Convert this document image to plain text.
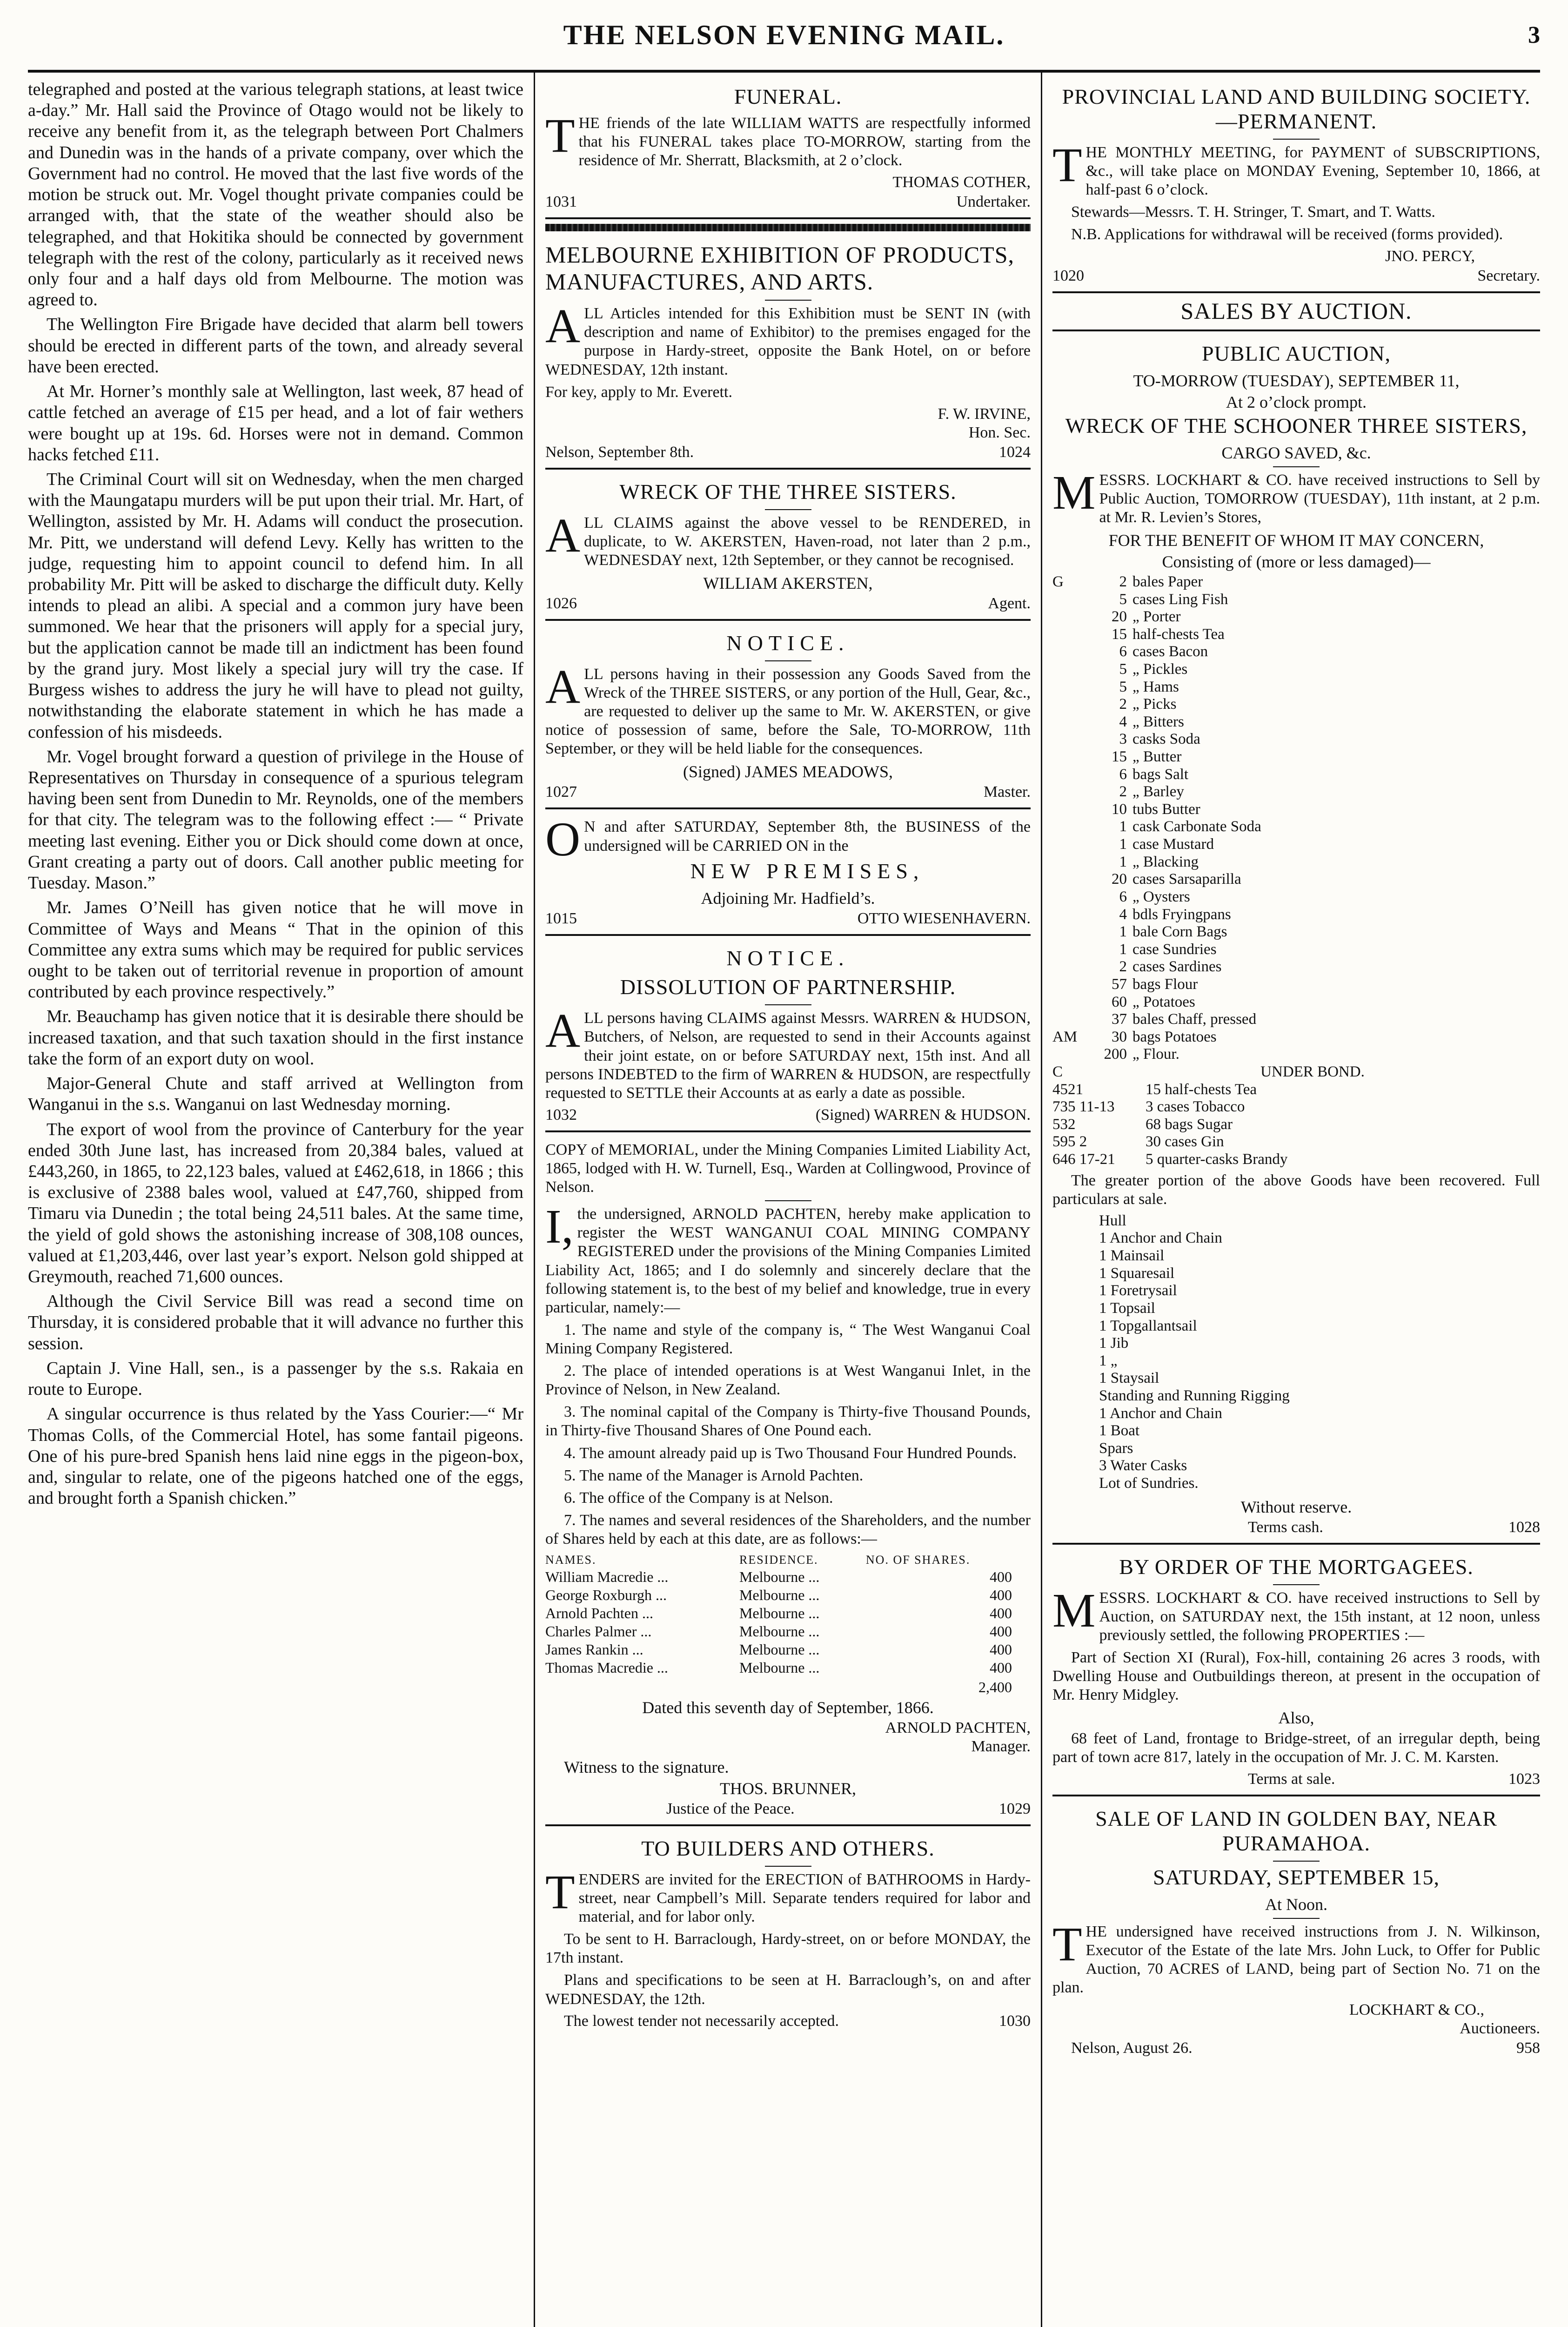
THE NELSON EVENING MAIL.	3

telegraphed and posted at the various telegraph stations, at least twice a-day.” Mr. Hall said the Province of Otago would not be likely to receive any benefit from it, as the telegraph between Port Chalmers and Dunedin was in the hands of a private company, over which the Government had no control. He moved that the last five words of the motion be struck out. Mr. Vogel thought private companies could be arranged with, that the state of the weather should also be telegraphed, and that Hokitika should be connected by government telegraph with the rest of the colony, particularly as it received news only four and a half days old from Melbourne. The motion was agreed to.

The Wellington Fire Brigade have decided that alarm bell towers should be erected in different parts of the town, and already several have been erected.

At Mr. Horner’s monthly sale at Wellington, last week, 87 head of cattle fetched an average of £15 per head, and a lot of fair wethers were bought up at 19s. 6d. Horses were not in demand. Common hacks fetched £11.

The Criminal Court will sit on Wednesday, when the men charged with the Maungatapu murders will be put upon their trial. Mr. Hart, of Wellington, assisted by Mr. H. Adams will conduct the prosecution. Mr. Pitt, we understand will defend Levy. Kelly has written to the judge, requesting him to appoint council to defend him. In all probability Mr. Pitt will be asked to discharge the difficult duty. Kelly intends to plead an alibi. A special and a common jury have been summoned. We hear that the prisoners will apply for a special jury, but the application cannot be made till an indictment has been found by the grand jury. Most likely a special jury will try the case. If Burgess wishes to address the jury he will have to plead not guilty, notwithstanding the elaborate statement in which he has made a confession of his misdeeds.

Mr. Vogel brought forward a question of privilege in the House of Representatives on Thursday in consequence of a spurious telegram having been sent from Dunedin to Mr. Reynolds, one of the members for that city. The telegram was to the following effect :— “ Private meeting last evening. Either you or Dick should come down at once, Grant creating a party out of doors. Call another public meeting for Tuesday. Mason.”

Mr. James O’Neill has given notice that he will move in Committee of Ways and Means “ That in the opinion of this Committee any extra sums which may be required for public services ought to be taken out of territorial revenue in proportion of amount contributed by each province respectively.”

Mr. Beauchamp has given notice that it is desirable there should be increased taxation, and that such taxation should in the first instance take the form of an export duty on wool.

Major-General Chute and staff arrived at Wellington from Wanganui in the s.s. Wanganui on last Wednesday morning.

The export of wool from the province of Canterbury for the year ended 30th June last, has increased from 20,384 bales, valued at £443,260, in 1865, to 22,123 bales, valued at £462,618, in 1866 ; this is exclusive of 2388 bales wool, valued at £47,760, shipped from Timaru via Dunedin ; the total being 24,511 bales. At the same time, the yield of gold shows the astonishing increase of 308,108 ounces, valued at £1,203,446, over last year’s export. Nelson gold shipped at Greymouth, reached 71,600 ounces.

Although the Civil Service Bill was read a second time on Thursday, it is considered probable that it will advance no further this session.

Captain J. Vine Hall, sen., is a passenger by the s.s. Rakaia en route to Europe.

A singular occurrence is thus related by the Yass Courier:—“ Mr Thomas Colls, of the Commercial Hotel, has some fantail pigeons. One of his pure-bred Spanish hens laid nine eggs in the pigeon-box, and, singular to relate, one of the pigeons hatched one of the eggs, and brought forth a Spanish chicken.”

FUNERAL.

THE friends of the late WILLIAM WATTS are respectfully informed that his FUNERAL takes place TO-MORROW, starting from the residence of Mr. Sherratt, Blacksmith, at 2 o’clock.

THOMAS COTHER,
1031	Undertaker.
MELBOURNE EXHIBITION OF PRODUCTS, MANUFACTURES, AND ARTS.

ALL Articles intended for this Exhibition must be SENT IN (with description and name of Exhibitor) to the premises engaged for the purpose in Hardy-street, opposite the Bank Hotel, on or before WEDNESDAY, 12th instant.

For key, apply to Mr. Everett.

F. W. IRVINE,
Hon. Sec.
Nelson, September 8th.	1024
WRECK OF THE THREE SISTERS.

ALL CLAIMS against the above vessel to be RENDERED, in duplicate, to W. AKERSTEN, Haven-road, not later than 2 p.m., WEDNESDAY next, 12th September, or they cannot be recognised.

WILLIAM AKERSTEN,
1026	Agent.
NOTICE.

ALL persons having in their possession any Goods Saved from the Wreck of the THREE SISTERS, or any portion of the Hull, Gear, &c., are requested to deliver up the same to Mr. W. AKERSTEN, or give notice of possession of same, before the Sale, TO-MORROW, 11th September, or they will be held liable for the consequences.

(Signed) JAMES MEADOWS,
1027	Master.

ON and after SATURDAY, September 8th, the BUSINESS of the undersigned will be CARRIED ON in the

NEW PREMISES,
Adjoining Mr. Hadfield’s.
1015	OTTO WIESENHAVERN.
NOTICE.
DISSOLUTION OF PARTNERSHIP.

ALL persons having CLAIMS against Messrs. WARREN & HUDSON, Butchers, of Nelson, are requested to send in their Accounts against their joint estate, on or before SATURDAY next, 15th inst. And all persons INDEBTED to the firm of WARREN & HUDSON, are respectfully requested to SETTLE their Accounts at as early a date as possible.

1032	(Signed) WARREN & HUDSON.

COPY of MEMORIAL, under the Mining Companies Limited Liability Act, 1865, lodged with H. W. Turnell, Esq., Warden at Collingwood, Province of Nelson.

I,the undersigned, ARNOLD PACHTEN, hereby make application to register the WEST WANGANUI COAL MINING COMPANY REGISTERED under the provisions of the Mining Companies Limited Liability Act, 1865; and I do solemnly and sincerely declare that the following statement is, to the best of my belief and knowledge, true in every particular, namely:—

1. The name and style of the company is, “ The West Wanganui Coal Mining Company Registered.

2. The place of intended operations is at West Wanganui Inlet, in the Province of Nelson, in New Zealand.

3. The nominal capital of the Company is Thirty-five Thousand Pounds, in Thirty-five Thousand Shares of One Pound each.

4. The amount already paid up is Two Thousand Four Hundred Pounds.

5. The name of the Manager is Arnold Pachten.

6. The office of the Company is at Nelson.

7. The names and several residences of the Shareholders, and the number of Shares held by each at this date, are as follows:—

NAMES.	RESIDENCE.	NO. OF SHARES.
William Macredie ...	Melbourne ...	400
George Roxburgh ...	Melbourne ...	400
Arnold Pachten ...	Melbourne ...	400
Charles Palmer ...	Melbourne ...	400
James Rankin ...	Melbourne ...	400
Thomas Macredie ...	Melbourne ...	400
2,400
Dated this seventh day of September, 1866.
ARNOLD PACHTEN,
Manager.
Witness to the signature.
THOS. BRUNNER,
Justice of the Peace.	1029
TO BUILDERS AND OTHERS.

TENDERS are invited for the ERECTION of BATHROOMS in Hardy-street, near Campbell’s Mill. Separate tenders required for labor and material, and for labor only.

To be sent to H. Barraclough, Hardy-street, on or before MONDAY, the 17th instant.

Plans and specifications to be seen at H. Barraclough’s, on and after WEDNESDAY, the 12th.

The lowest tender not necessarily accepted.	1030
PROVINCIAL LAND AND BUILDING SOCIETY.—PERMANENT.

THE MONTHLY MEETING, for PAYMENT of SUBSCRIPTIONS, &c., will take place on MONDAY Evening, September 10, 1866, at half-past 6 o’clock.

Stewards—Messrs. T. H. Stringer, T. Smart, and T. Watts.

N.B. Applications for withdrawal will be received (forms provided).

JNO. PERCY,
1020	Secretary.
SALES BY AUCTION.
PUBLIC AUCTION,
TO-MORROW (TUESDAY), SEPTEMBER 11,
At 2 o’clock prompt.
WRECK OF THE SCHOONER THREE SISTERS,
CARGO SAVED, &c.

MESSRS. LOCKHART & CO. have received instructions to Sell by Public Auction, TOMORROW (TUESDAY), 11th instant, at 2 p.m. at Mr. R. Levien’s Stores,

FOR THE BENEFIT OF WHOM IT MAY CONCERN,
Consisting of (more or less damaged)—
G	2 bales Paper
5 cases Ling Fish
20 „ Porter
15 half-chests Tea
6 cases Bacon
5 „ Pickles
5 „ Hams
2 „ Picks
4 „ Bitters
3 casks Soda
15 „ Butter
6 bags Salt
2 „ Barley
10 tubs Butter
1 cask Carbonate Soda
1 case Mustard
1 „ Blacking
20 cases Sarsaparilla
6 „ Oysters
4 bdls Fryingpans
1 bale Corn Bags
1 case Sundries
2 cases Sardines
57 bags Flour
60 „ Potatoes
37 bales Chaff, pressed
AM	30 bags Potatoes
200 „ Flour.
C	UNDER BOND.
4521	15 half-chests Tea
735 11-13	3 cases Tobacco
532	68 bags Sugar
595 2	30 cases Gin
646 17-21	5 quarter-casks Brandy

The greater portion of the above Goods have been recovered. Full particulars at sale.

Hull
1 Anchor and Chain
1 Mainsail
1 Squaresail
1 Foretrysail
1 Topsail
1 Topgallantsail
1 Jib
1 „
1 Staysail
Standing and Running Rigging
1 Anchor and Chain
1 Boat
Spars
3 Water Casks
Lot of Sundries.
Without reserve.
Terms cash.	1028
BY ORDER OF THE MORTGAGEES.

MESSRS. LOCKHART & CO. have received instructions to Sell by Auction, on SATURDAY next, the 15th instant, at 12 noon, unless previously settled, the following PROPERTIES :—

Part of Section XI (Rural), Fox-hill, containing 26 acres 3 roods, with Dwelling House and Outbuildings thereon, at present in the occupation of Mr. Henry Midgley.

Also,

68 feet of Land, frontage to Bridge-street, of an irregular depth, being part of town acre 817, lately in the occupation of Mr. J. C. M. Karsten.

Terms at sale.	1023
SALE OF LAND IN GOLDEN BAY, NEAR PURAMAHOA.
SATURDAY, SEPTEMBER 15,
At Noon.

THE undersigned have received instructions from J. N. Wilkinson, Executor of the Estate of the late Mrs. John Luck, to Offer for Public Auction, 70 ACRES of LAND, being part of Section No. 71 on the plan.

LOCKHART & CO.,
Auctioneers.
Nelson, August 26.	958
